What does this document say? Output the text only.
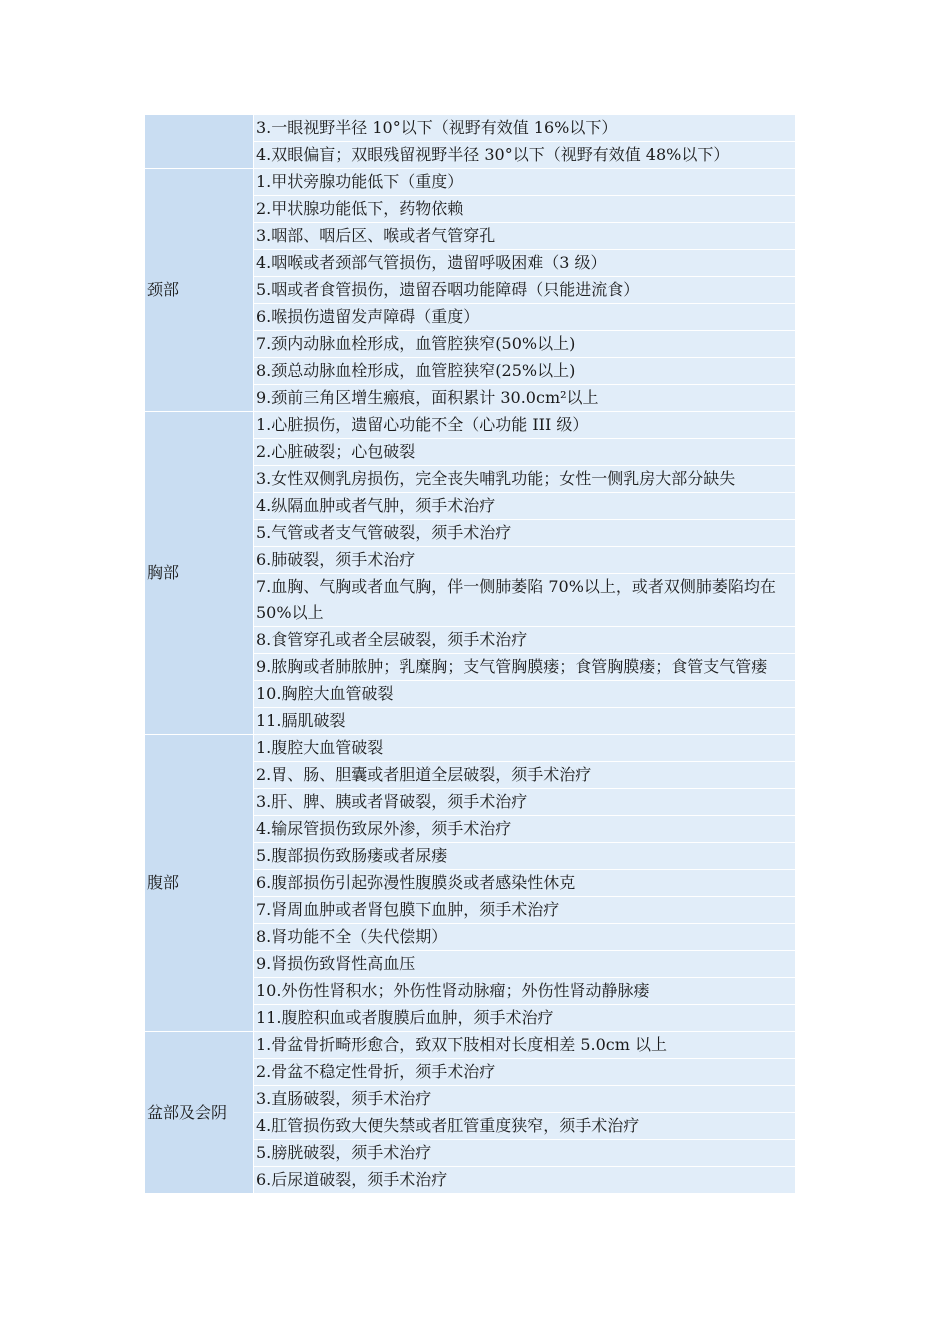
	3.一眼视野半径 10°以下（视野有效值 16%以下）

	4.双眼偏盲；双眼残留视野半径 30°以下（视野有效值 48%以下）

颈部	1.甲状旁腺功能低下（重度）

	2.甲状腺功能低下，药物依赖

	3.咽部、咽后区、喉或者气管穿孔

	4.咽喉或者颈部气管损伤，遗留呼吸困难（3 级）

	5.咽或者食管损伤，遗留吞咽功能障碍（只能进流食）

	6.喉损伤遗留发声障碍（重度）

	7.颈内动脉血栓形成，血管腔狭窄(50%以上)

	8.颈总动脉血栓形成，血管腔狭窄(25%以上)

	9.颈前三角区增生瘢痕，面积累计 30.0cm²以上

胸部	1.心脏损伤，遗留心功能不全（心功能 III 级）

	2.心脏破裂；心包破裂

	3.女性双侧乳房损伤，完全丧失哺乳功能；女性一侧乳房大部分缺失

	4.纵隔血肿或者气肿，须手术治疗

	5.气管或者支气管破裂，须手术治疗

	6.肺破裂，须手术治疗

	7.血胸、气胸或者血气胸，伴一侧肺萎陷 70%以上，或者双侧肺萎陷均在 50%以上

	8.食管穿孔或者全层破裂，须手术治疗

	9.脓胸或者肺脓肿；乳糜胸；支气管胸膜瘘；食管胸膜瘘；食管支气管瘘

	10.胸腔大血管破裂

	11.膈肌破裂

腹部	1.腹腔大血管破裂

	2.胃、肠、胆囊或者胆道全层破裂，须手术治疗

	3.肝、脾、胰或者肾破裂，须手术治疗

	4.输尿管损伤致尿外渗，须手术治疗

	5.腹部损伤致肠瘘或者尿瘘

	6.腹部损伤引起弥漫性腹膜炎或者感染性休克

	7.肾周血肿或者肾包膜下血肿，须手术治疗

	8.肾功能不全（失代偿期）

	9.肾损伤致肾性高血压

	10.外伤性肾积水；外伤性肾动脉瘤；外伤性肾动静脉瘘

	11.腹腔积血或者腹膜后血肿，须手术治疗

盆部及会阴	1.骨盆骨折畸形愈合，致双下肢相对长度相差 5.0cm 以上

	2.骨盆不稳定性骨折，须手术治疗

	3.直肠破裂，须手术治疗

	4.肛管损伤致大便失禁或者肛管重度狭窄，须手术治疗

	5.膀胱破裂，须手术治疗

	6.后尿道破裂，须手术治疗
